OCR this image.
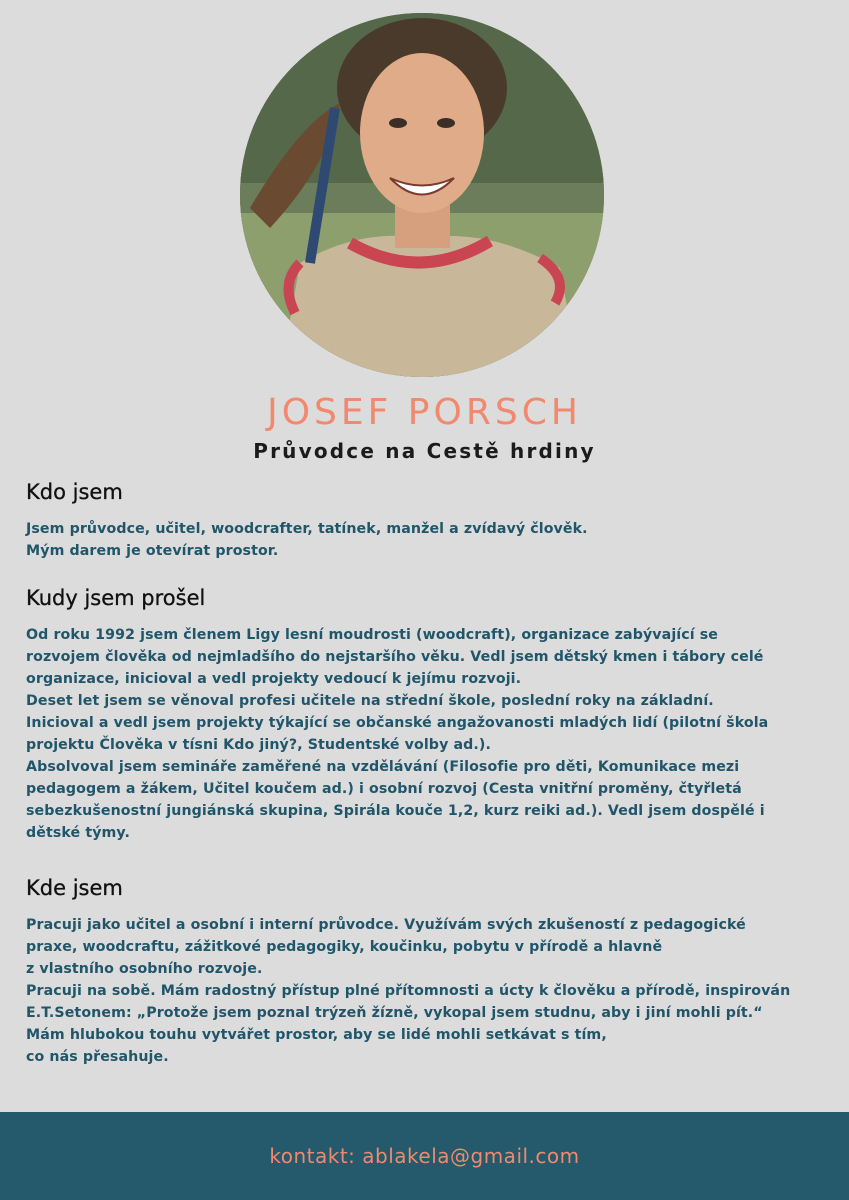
JOSEF PORSCH
Průvodce na Cestě hrdiny
Kdo jsem

Jsem průvodce, učitel, woodcrafter, tatínek, manžel a zvídavý člověk.
Mým darem je otevírat prostor.

Kudy jsem prošel

Od roku 1992 jsem členem Ligy lesní moudrosti (woodcraft), organizace zabývající se
rozvojem člověka od nejmladšího do nejstaršího věku. Vedl jsem dětský kmen i tábory celé
organizace, inicioval a vedl projekty vedoucí k jejímu rozvoji.
Deset let jsem se věnoval profesi učitele na střední škole, poslední roky na základní.
Inicioval a vedl jsem projekty týkající se občanské angažovanosti mladých lidí (pilotní škola
projektu Člověka v tísni Kdo jiný?, Studentské volby ad.).
Absolvoval jsem semináře zaměřené na vzdělávání (Filosofie pro děti, Komunikace mezi
pedagogem a žákem, Učitel koučem ad.) i osobní rozvoj (Cesta vnitřní proměny, čtyřletá
sebezkušenostní jungiánská skupina, Spirála kouče 1,2, kurz reiki ad.). Vedl jsem dospělé i
dětské týmy.

Kde jsem

Pracuji jako učitel a osobní i interní průvodce. Využívám svých zkušeností z pedagogické
praxe, woodcraftu, zážitkové pedagogiky, koučinku, pobytu v přírodě a hlavně
z vlastního osobního rozvoje.
Pracuji na sobě. Mám radostný přístup plné přítomnosti a úcty k člověku a přírodě, inspirován
E.T.Setonem: „Protože jsem poznal trýzeň žízně, vykopal jsem studnu, aby i jiní mohli pít.“
Mám hlubokou touhu vytvářet prostor, aby se lidé mohli setkávat s tím,
co nás přesahuje.

kontakt: ablakela@gmail.com
